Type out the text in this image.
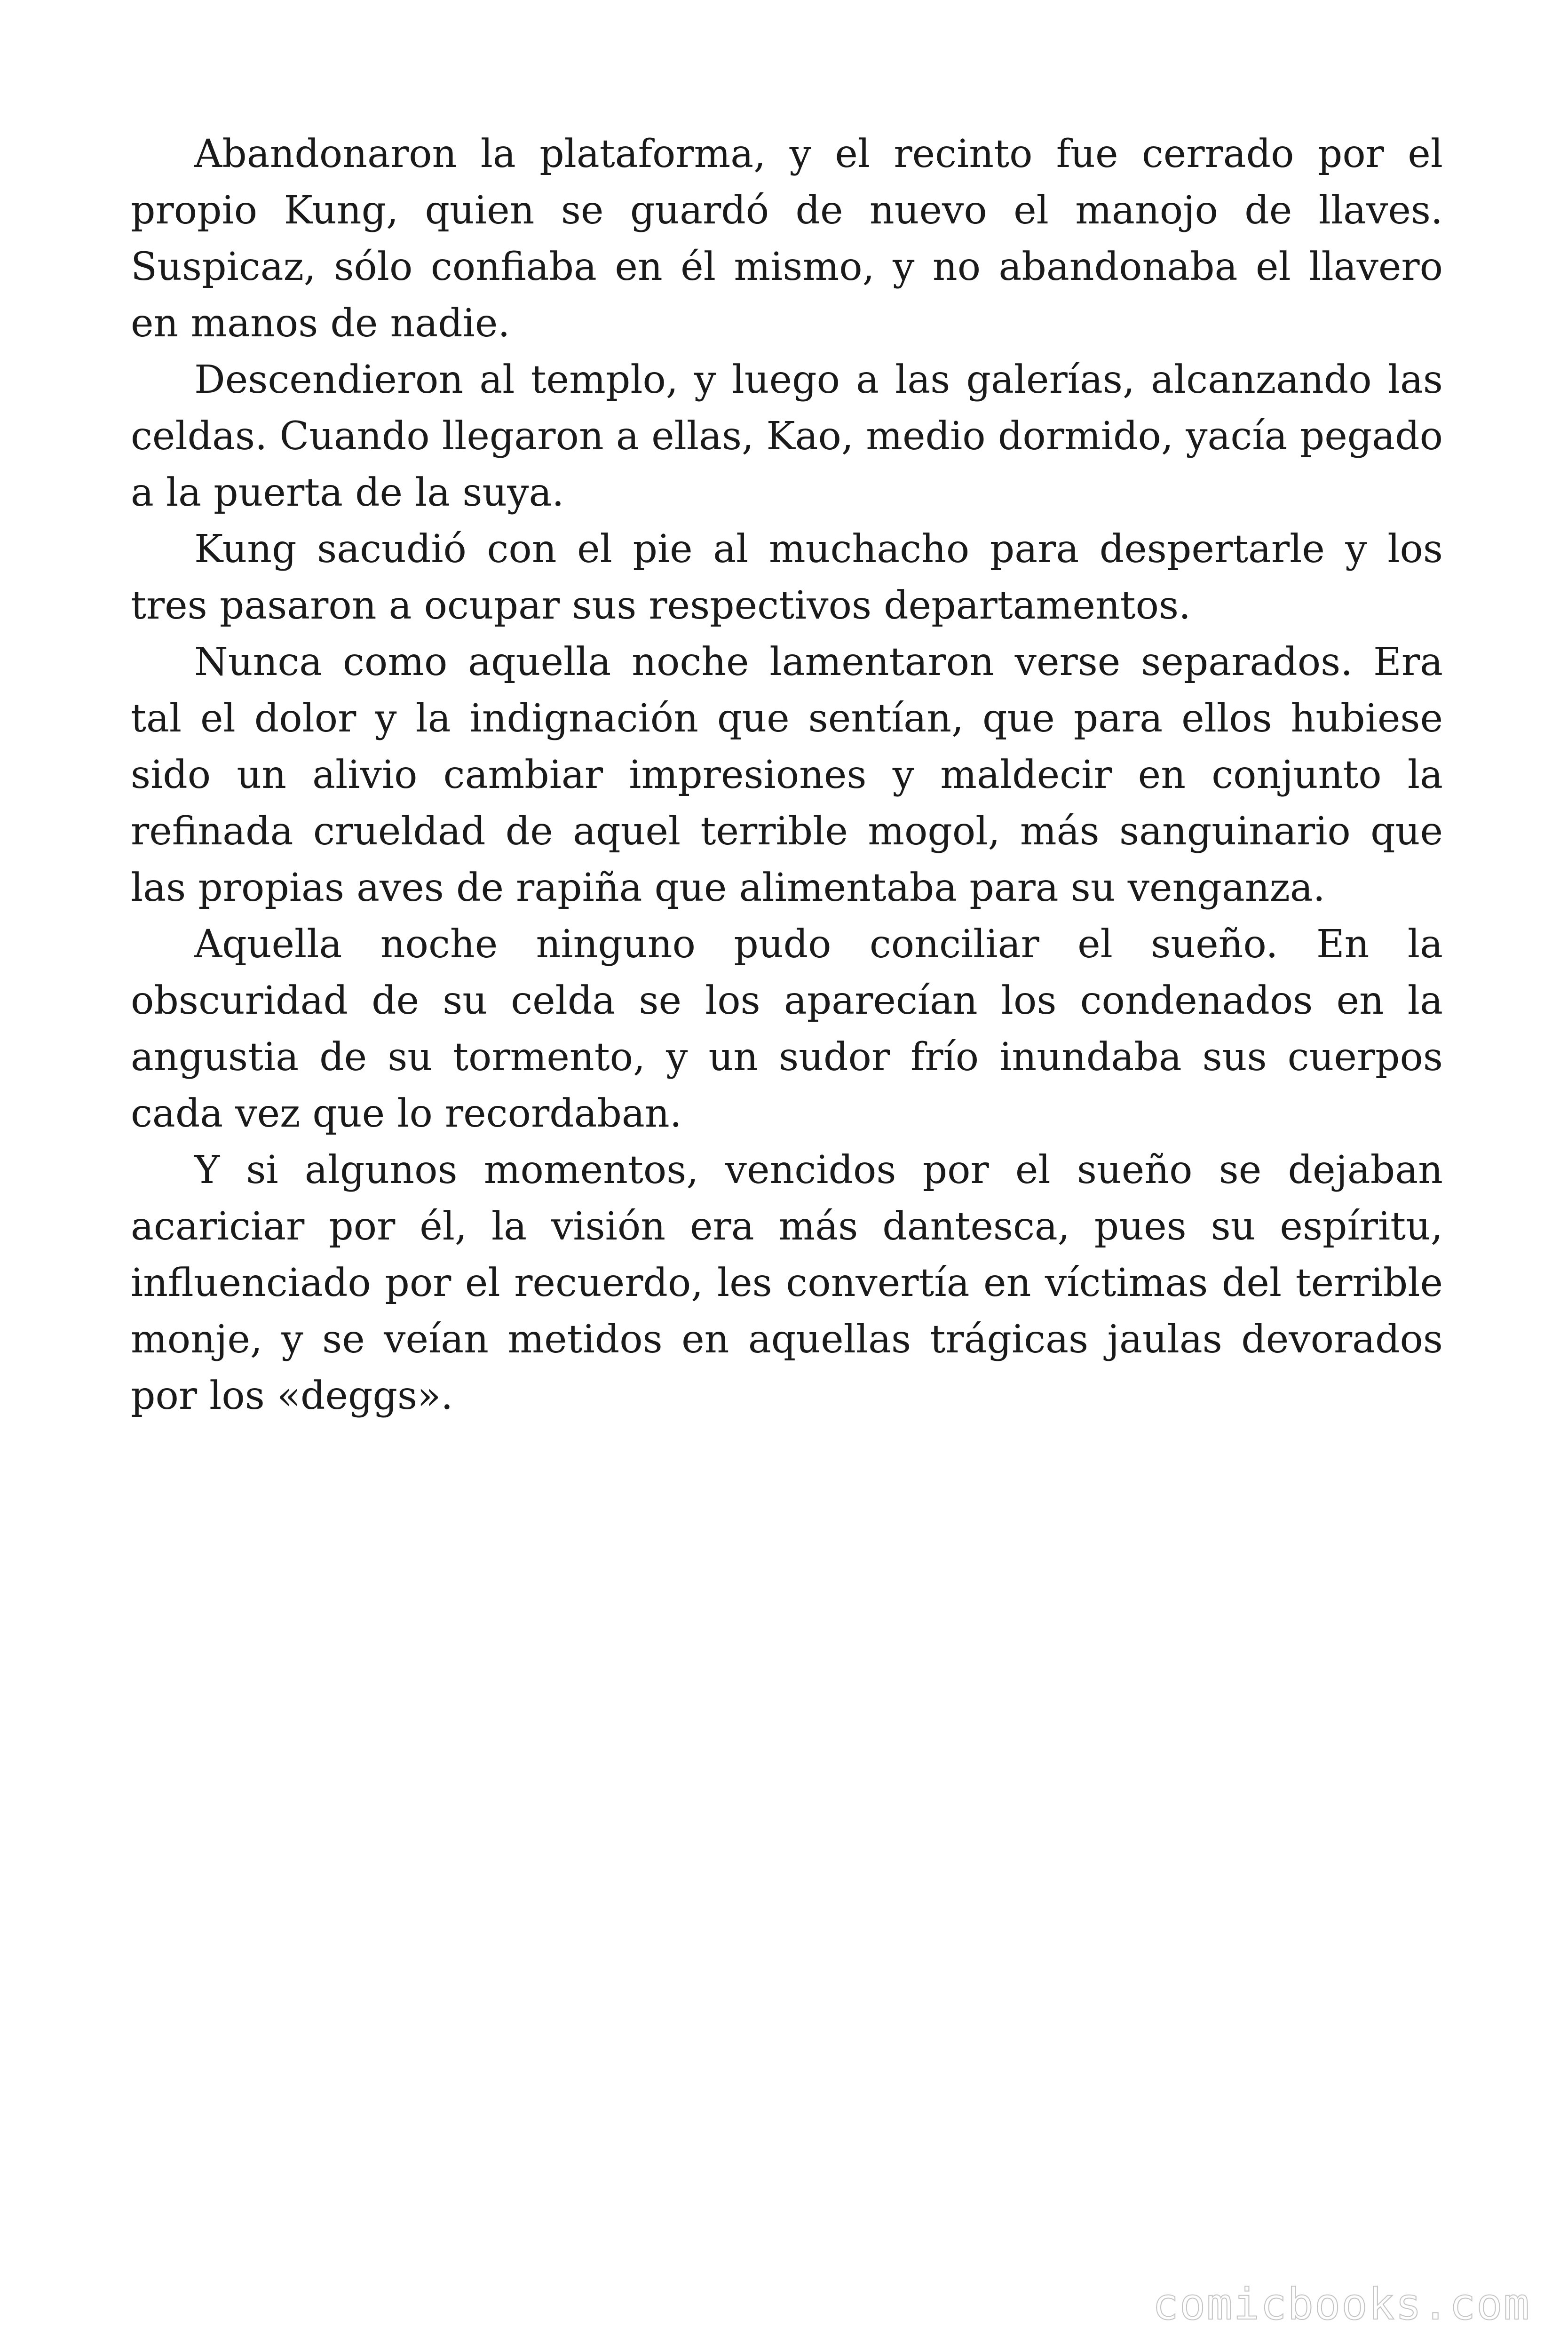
Abandonaron la plataforma, y el recinto fue cerrado por el propio Kung, quien se guardó de nuevo el manojo de llaves. Suspicaz, sólo confiaba en él mismo, y no abandonaba el llavero en manos de nadie.

Descendieron al templo, y luego a las galerías, alcanzando las celdas. Cuando llegaron a ellas, Kao, medio dormido, yacía pegado a la puerta de la suya.

Kung sacudió con el pie al muchacho para despertarle y los tres pasaron a ocupar sus respectivos departamentos.

Nunca como aquella noche lamentaron verse separados. Era tal el dolor y la indignación que sentían, que para ellos hubiese sido un alivio cambiar impresiones y maldecir en conjunto la refinada crueldad de aquel terrible mogol, más sanguinario que las propias aves de rapiña que alimentaba para su venganza.

Aquella noche ninguno pudo conciliar el sueño. En la obscuridad de su celda se los aparecían los condenados en la angustia de su tormento, y un sudor frío inundaba sus cuerpos cada vez que lo recordaban.

Y si algunos momentos, vencidos por el sueño se dejaban acariciar por él, la visión era más dantesca, pues su espíritu, influenciado por el recuerdo, les convertía en víctimas del terrible monje, y se veían metidos en aquellas trágicas jaulas devorados por los «deggs».

comicbooks.com
